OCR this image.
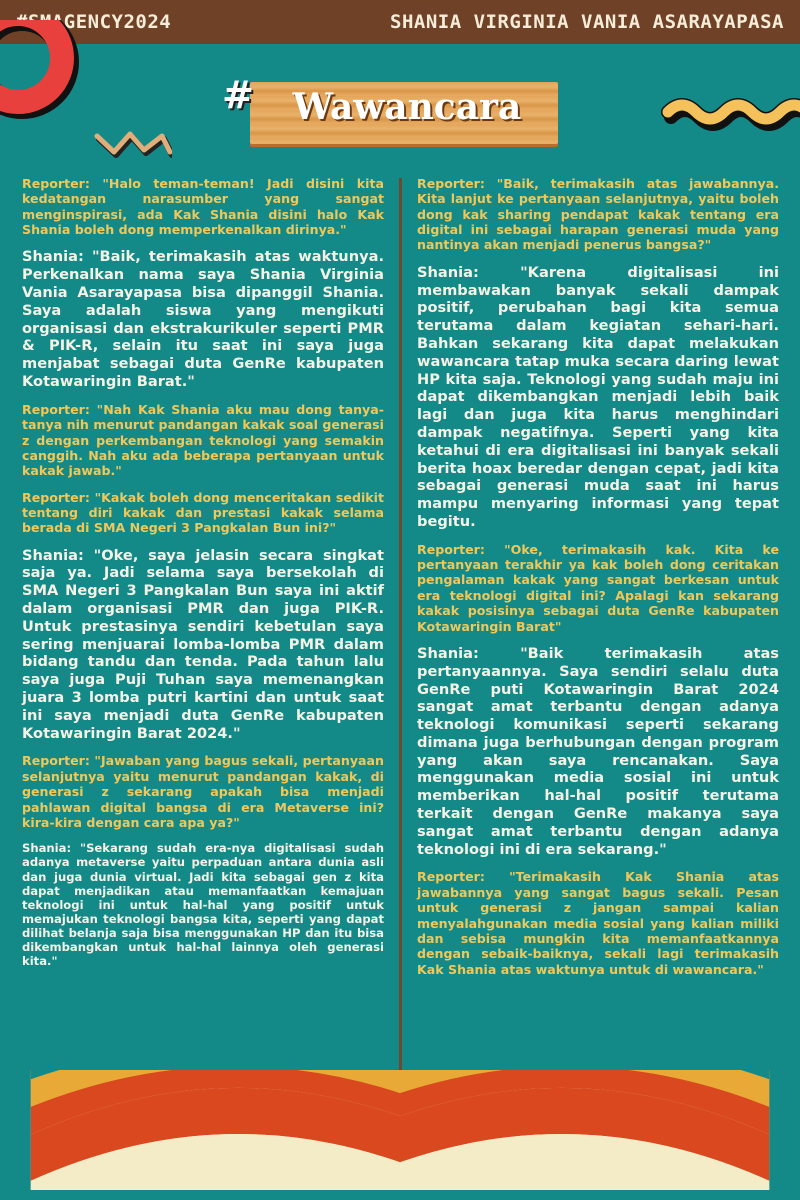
#SMAGENCY2024	SHANIA VIRGINIA VANIA ASARAYAPASA
#	Wawancara

Reporter: "Halo teman-teman! Jadi disini kita kedatangan narasumber yang sangat menginspirasi, ada Kak Shania disini halo Kak Shania boleh dong memperkenalkan dirinya."

Shania: "Baik, terimakasih atas waktunya. Perkenalkan nama saya Shania Virginia Vania Asarayapasa bisa dipanggil Shania. Saya adalah siswa yang mengikuti organisasi dan ekstrakurikuler seperti PMR & PIK-R, selain itu saat ini saya juga menjabat sebagai duta GenRe kabupaten Kotawaringin Barat."

Reporter: "Nah Kak Shania aku mau dong tanya-tanya nih menurut pandangan kakak soal generasi z dengan perkembangan teknologi yang semakin canggih. Nah aku ada beberapa pertanyaan untuk kakak jawab."

Reporter: "Kakak boleh dong menceritakan sedikit tentang diri kakak dan prestasi kakak selama berada di SMA Negeri 3 Pangkalan Bun ini?"

Shania: "Oke, saya jelasin secara singkat saja ya. Jadi selama saya bersekolah di SMA Negeri 3 Pangkalan Bun saya ini aktif dalam organisasi PMR dan juga PIK-R. Untuk prestasinya sendiri kebetulan saya sering menjuarai lomba-lomba PMR dalam bidang tandu dan tenda. Pada tahun lalu saya juga Puji Tuhan saya memenangkan juara 3 lomba putri kartini dan untuk saat ini saya menjadi duta GenRe kabupaten Kotawaringin Barat 2024."

Reporter: "Jawaban yang bagus sekali, pertanyaan selanjutnya yaitu menurut pandangan kakak, di generasi z sekarang apakah bisa menjadi pahlawan digital bangsa di era Metaverse ini? kira-kira dengan cara apa ya?"

Shania: "Sekarang sudah era-nya digitalisasi sudah adanya metaverse yaitu perpaduan antara dunia asli dan juga dunia virtual. Jadi kita sebagai gen z kita dapat menjadikan atau memanfaatkan kemajuan teknologi ini untuk hal-hal yang positif untuk memajukan teknologi bangsa kita, seperti yang dapat dilihat belanja saja bisa menggunakan HP dan itu bisa dikembangkan untuk hal-hal lainnya oleh generasi kita."

Reporter: "Baik, terimakasih atas jawabannya. Kita lanjut ke pertanyaan selanjutnya, yaitu boleh dong kak sharing pendapat kakak tentang era digital ini sebagai harapan generasi muda yang nantinya akan menjadi penerus bangsa?"

Shania: "Karena digitalisasi ini membawakan banyak sekali dampak positif, perubahan bagi kita semua terutama dalam kegiatan sehari-hari. Bahkan sekarang kita dapat melakukan wawancara tatap muka secara daring lewat HP kita saja. Teknologi yang sudah maju ini dapat dikembangkan menjadi lebih baik lagi dan juga kita harus menghindari dampak negatifnya. Seperti yang kita ketahui di era digitalisasi ini banyak sekali berita hoax beredar dengan cepat, jadi kita sebagai generasi muda saat ini harus mampu menyaring informasi yang tepat begitu.

Reporter: "Oke, terimakasih kak. Kita ke pertanyaan terakhir ya kak boleh dong ceritakan pengalaman kakak yang sangat berkesan untuk era teknologi digital ini? Apalagi kan sekarang kakak posisinya sebagai duta GenRe kabupaten Kotawaringin Barat"

Shania: "Baik terimakasih atas pertanyaannya. Saya sendiri selalu duta GenRe puti Kotawaringin Barat 2024 sangat amat terbantu dengan adanya teknologi komunikasi seperti sekarang dimana juga berhubungan dengan program yang akan saya rencanakan. Saya menggunakan media sosial ini untuk memberikan hal-hal positif terutama terkait dengan GenRe makanya saya sangat amat terbantu dengan adanya teknologi ini di era sekarang."

Reporter: "Terimakasih Kak Shania atas jawabannya yang sangat bagus sekali. Pesan untuk generasi z jangan sampai kalian menyalahgunakan media sosial yang kalian miliki dan sebisa mungkin kita memanfaatkannya dengan sebaik-baiknya, sekali lagi terimakasih Kak Shania atas waktunya untuk di wawancara."
